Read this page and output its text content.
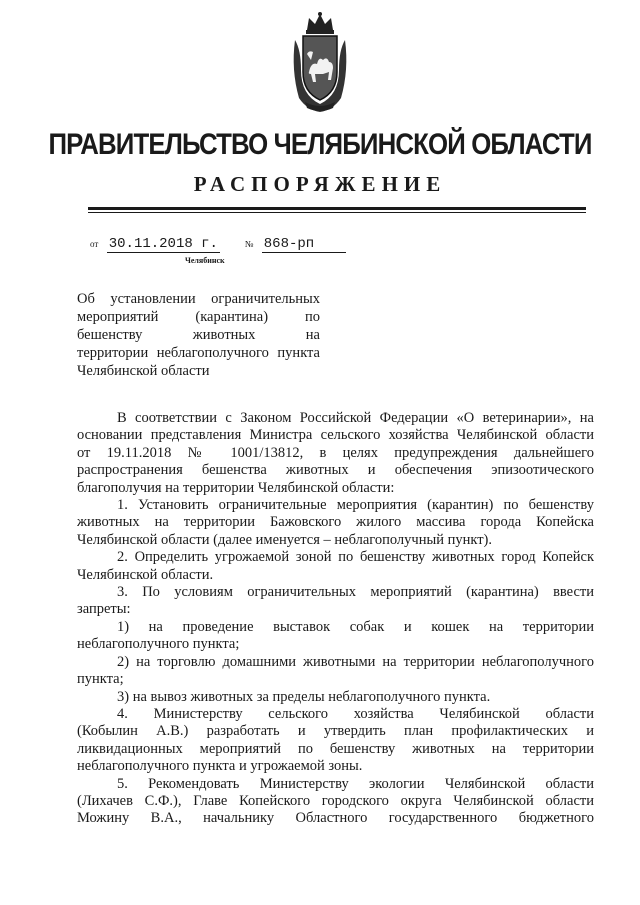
ПРАВИТЕЛЬСТВО ЧЕЛЯБИНСКОЙ ОБЛАСТИ
РАСПОРЯЖЕНИЕ
от 30.11.2018 г.	№ 868-рп
Челябинск
Об установлении ограничительных
мероприятий (карантина) по
бешенству животных на
территории неблагополучного пункта
Челябинской области
В соответствии с Законом Российской Федерации «О ветеринарии», на
основании представления Министра сельского хозяйства Челябинской области
от 19.11.2018 № 1001/13812, в целях предупреждения дальнейшего
распространения бешенства животных и обеспечения эпизоотического
благополучия на территории Челябинской области:
1. Установить ограничительные мероприятия (карантин) по бешенству
животных на территории Бажовского жилого массива города Копейска
Челябинской области (далее именуется – неблагополучный пункт).
2. Определить угрожаемой зоной по бешенству животных город Копейск
Челябинской области.
3. По условиям ограничительных мероприятий (карантина) ввести
запреты:
1) на проведение выставок собак и кошек на территории
неблагополучного пункта;
2) на торговлю домашними животными на территории неблагополучного
пункта;
3) на вывоз животных за пределы неблагополучного пункта.
4. Министерству сельского хозяйства Челябинской области
(Кобылин А.В.) разработать и утвердить план профилактических и
ликвидационных мероприятий по бешенству животных на территории
неблагополучного пункта и угрожаемой зоны.
5. Рекомендовать Министерству экологии Челябинской области
(Лихачев С.Ф.), Главе Копейского городского округа Челябинской области
Можину В.А., начальнику Областного государственного бюджетного
